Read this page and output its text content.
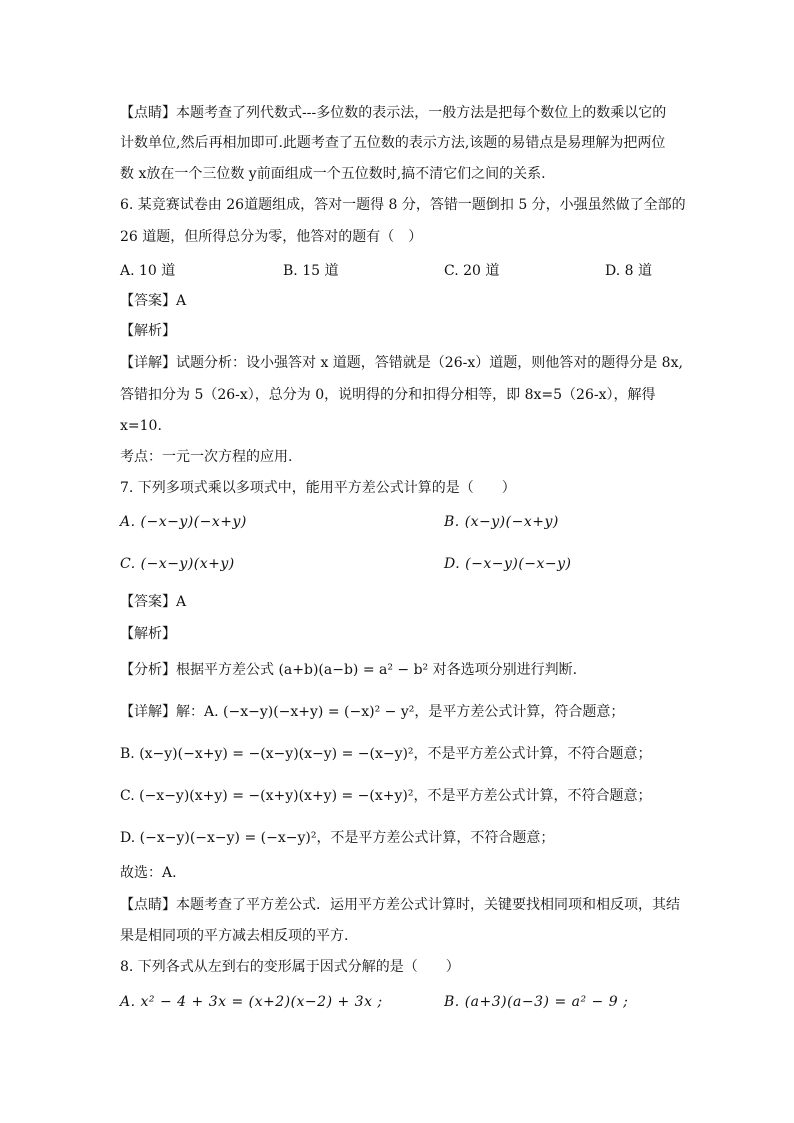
【点睛】本题考查了列代数式---多位数的表示法，一般方法是把每个数位上的数乘以它的
计数单位,然后再相加即可.此题考查了五位数的表示方法,该题的易错点是易理解为把两位
数 x放在一个三位数 y前面组成一个五位数时,搞不清它们之间的关系.
6. 某竞赛试卷由 26道题组成，答对一题得 8 分，答错一题倒扣 5 分，小强虽然做了全部的
26 道题，但所得总分为零，他答对的题有（　）
A. 10 道	B. 15 道	C. 20 道	D. 8 道
【答案】A
【解析】
【详解】试题分析：设小强答对 x 道题，答错就是（26-x）道题，则他答对的题得分是 8x,
答错扣分为 5（26-x），总分为 0，说明得的分和扣得分相等，即 8x=5（26-x），解得
x=10.
考点：一元一次方程的应用.
7. 下列多项式乘以多项式中，能用平方差公式计算的是（　　）
A. (−x−y)(−x+y)	B. (x−y)(−x+y)
C. (−x−y)(x+y)	D. (−x−y)(−x−y)
【答案】A
【解析】
【分析】根据平方差公式 (a+b)(a−b) = a² − b² 对各选项分别进行判断.
【详解】解：A. (−x−y)(−x+y) = (−x)² − y²，是平方差公式计算，符合题意；
B. (x−y)(−x+y) = −(x−y)(x−y) = −(x−y)²，不是平方差公式计算，不符合题意；
C. (−x−y)(x+y) = −(x+y)(x+y) = −(x+y)²，不是平方差公式计算，不符合题意；
D. (−x−y)(−x−y) = (−x−y)²，不是平方差公式计算，不符合题意；
故选：A.
【点睛】本题考查了平方差公式．运用平方差公式计算时，关键要找相同项和相反项，其结
果是相同项的平方减去相反项的平方.
8. 下列各式从左到右的变形属于因式分解的是（　　）
A. x² − 4 + 3x = (x+2)(x−2) + 3x ;	B. (a+3)(a−3) = a² − 9 ;
